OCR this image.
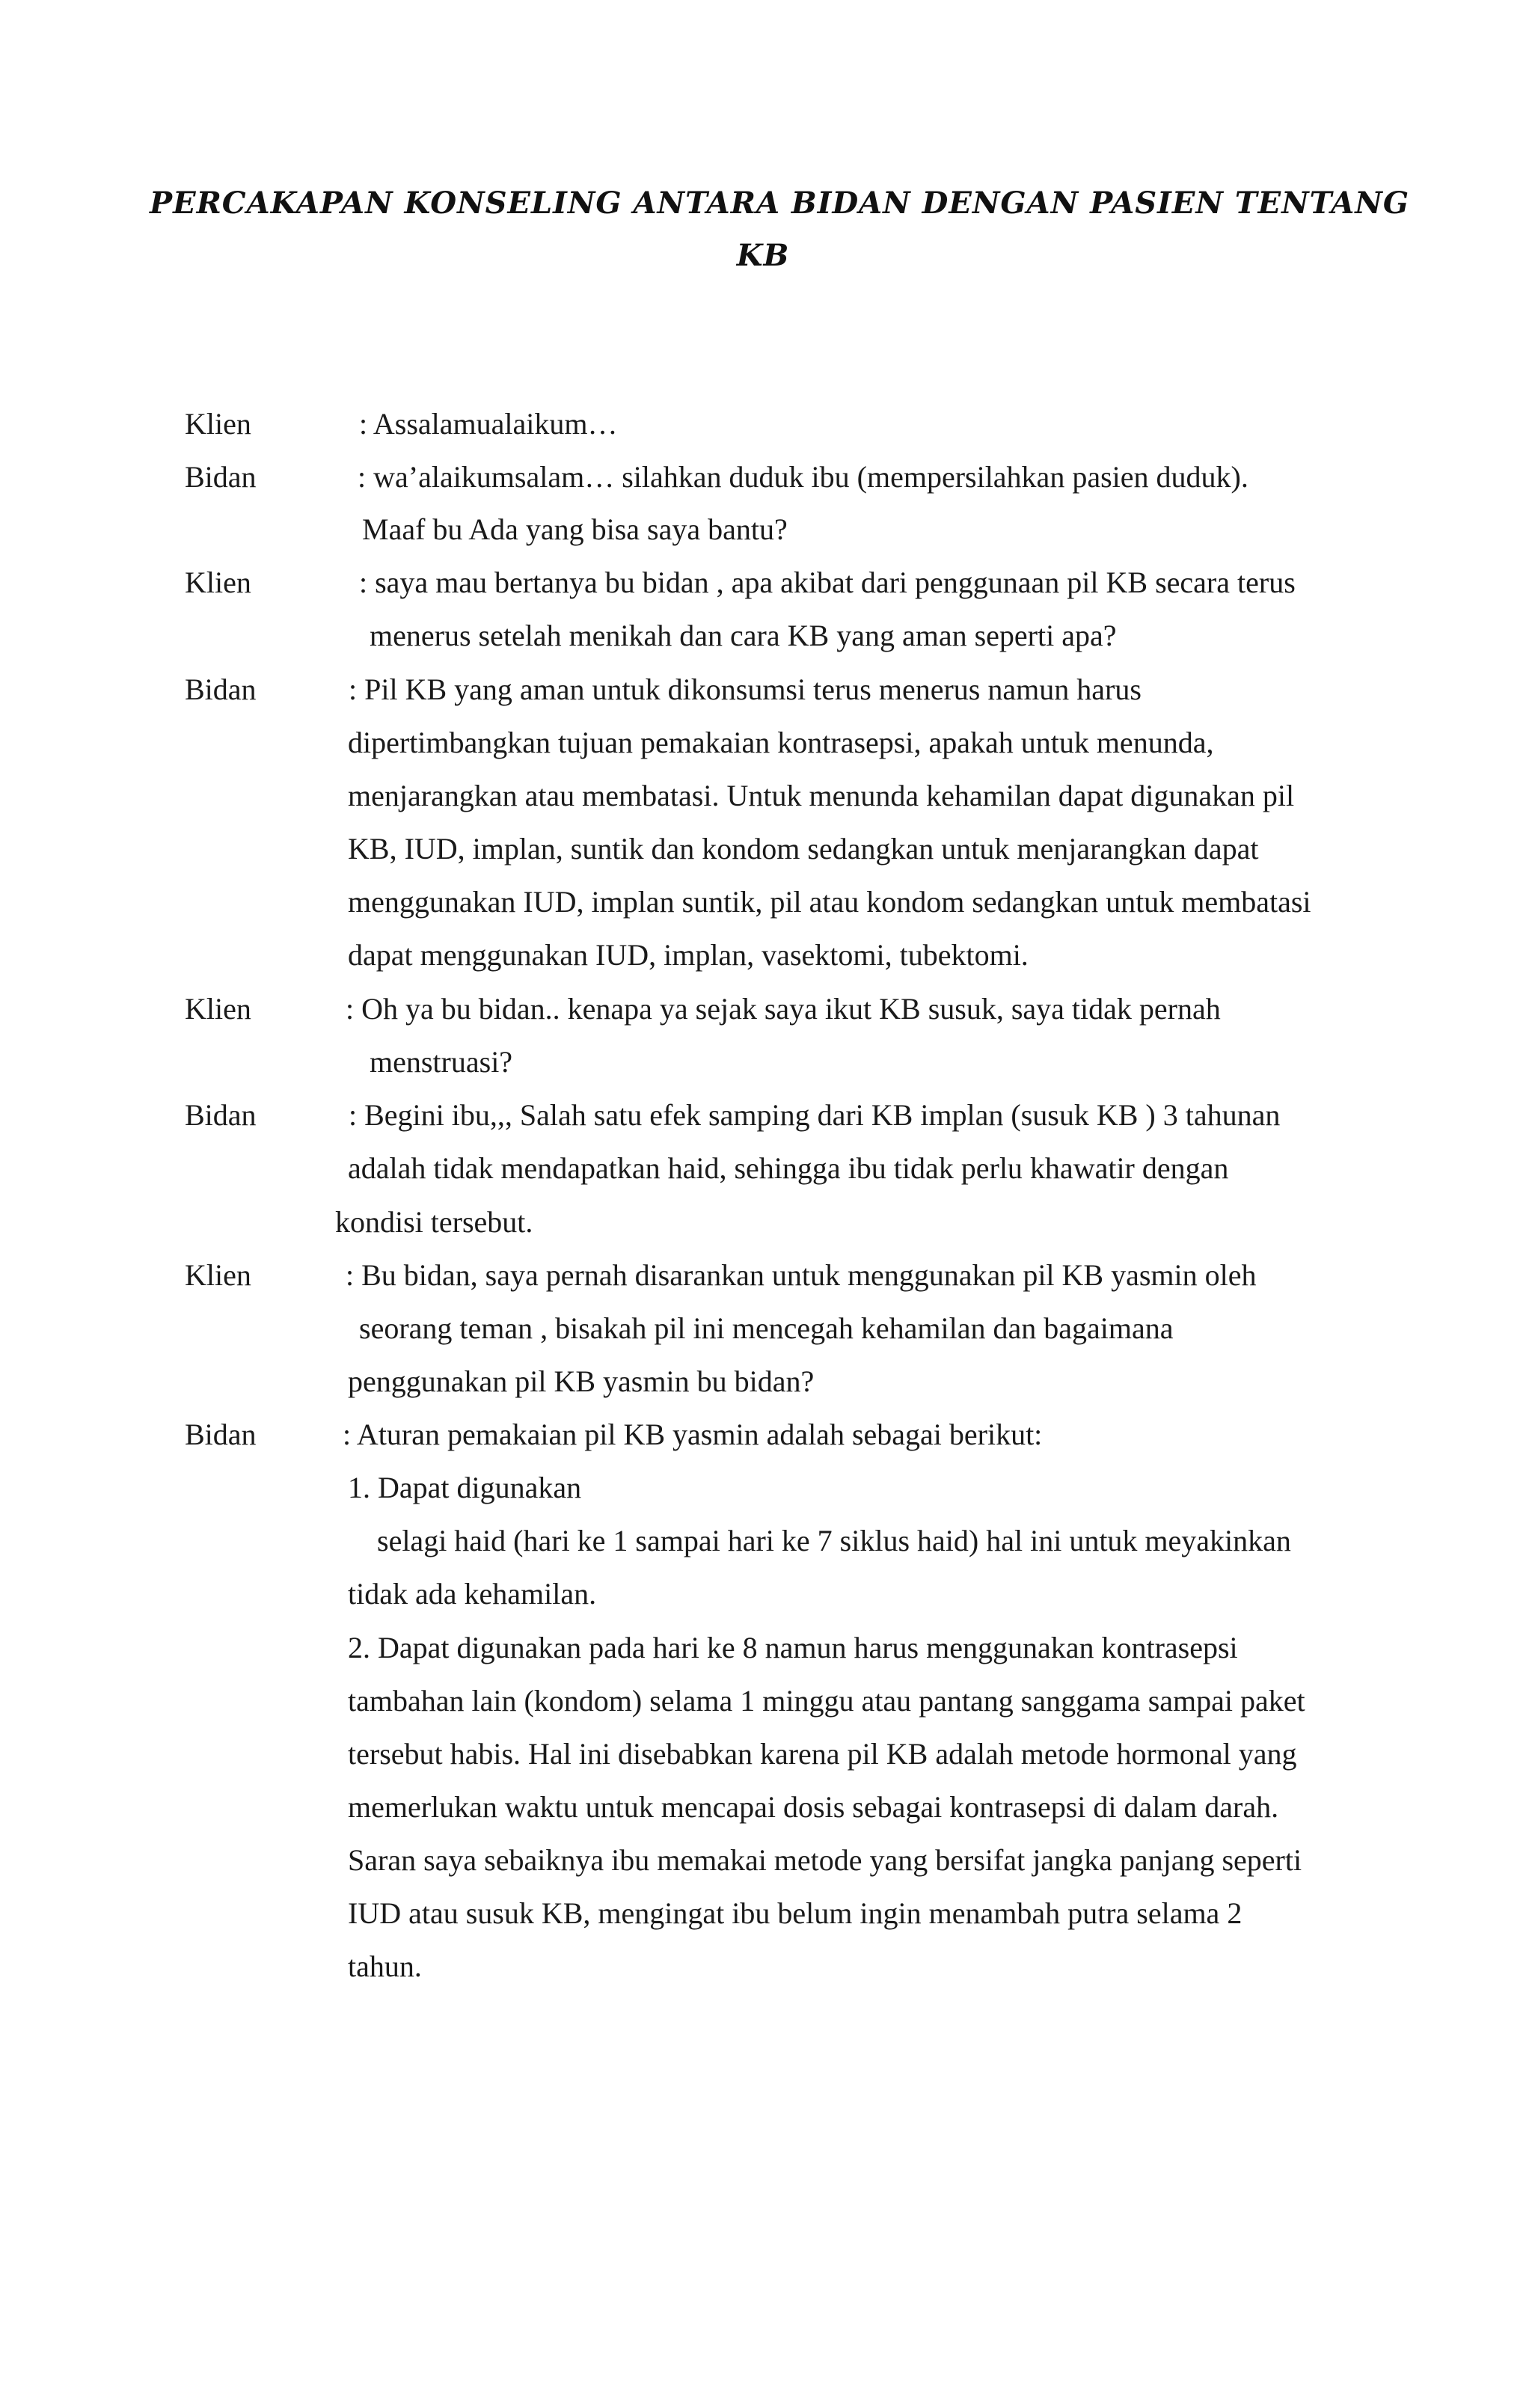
PERCAKAPAN KONSELING ANTARA BIDAN DENGAN PASIEN TENTANG
KB
Klien	: Assalamualaikum…
Bidan	: wa’alaikumsalam… silahkan duduk ibu (mempersilahkan pasien duduk).
Maaf bu Ada yang bisa saya bantu?
Klien	: saya mau bertanya bu bidan , apa akibat dari penggunaan pil KB secara terus
menerus setelah menikah dan cara KB yang aman seperti apa?
Bidan	: Pil KB yang aman untuk dikonsumsi terus menerus namun harus
dipertimbangkan tujuan pemakaian kontrasepsi, apakah untuk menunda,
menjarangkan atau membatasi. Untuk menunda kehamilan dapat digunakan pil
KB, IUD, implan, suntik dan kondom sedangkan untuk menjarangkan dapat
menggunakan IUD, implan suntik, pil atau kondom sedangkan untuk membatasi
dapat menggunakan IUD, implan, vasektomi, tubektomi.
Klien	: Oh ya bu bidan.. kenapa ya sejak saya ikut KB susuk, saya tidak pernah
menstruasi?
Bidan	: Begini ibu,,, Salah satu efek samping dari KB implan (susuk KB ) 3 tahunan
adalah tidak mendapatkan haid, sehingga ibu tidak perlu khawatir dengan
kondisi tersebut.
Klien	: Bu bidan, saya pernah disarankan untuk menggunakan pil KB yasmin oleh
seorang teman , bisakah pil ini mencegah kehamilan dan bagaimana
penggunakan pil KB yasmin bu bidan?
Bidan	: Aturan pemakaian pil KB yasmin adalah sebagai berikut:
1. Dapat digunakan
selagi haid (hari ke 1 sampai hari ke 7 siklus haid) hal ini untuk meyakinkan
tidak ada kehamilan.
2. Dapat digunakan pada hari ke 8 namun harus menggunakan kontrasepsi
tambahan lain (kondom) selama 1 minggu atau pantang sanggama sampai paket
tersebut habis. Hal ini disebabkan karena pil KB adalah metode hormonal yang
memerlukan waktu untuk mencapai dosis sebagai kontrasepsi di dalam darah.
Saran saya sebaiknya ibu memakai metode yang bersifat jangka panjang seperti
IUD atau susuk KB, mengingat ibu belum ingin menambah putra selama 2
tahun.
